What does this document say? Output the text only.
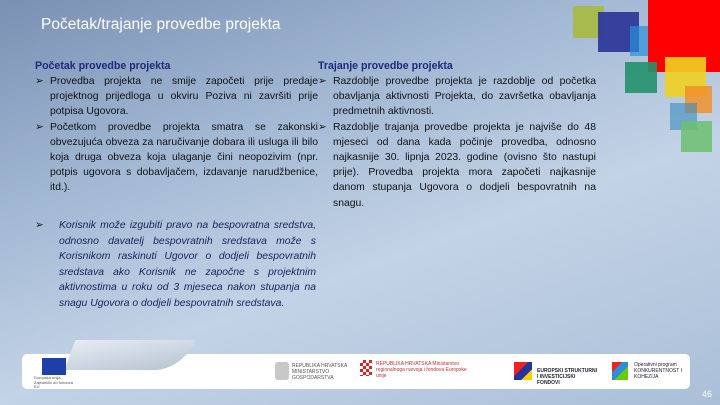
Početak/trajanje provedbe projekta
Početak provedbe projekta
➢ Provedba projekta ne smije započeti prije predaje projektnog prijedloga u okviru Poziva ni završiti prije potpisa Ugovora.
➢ Početkom provedbe projekta smatra se zakonski obvezujuća obveza za naručivanje dobara ili usluga ili bilo koja druga obveza koja ulaganje čini neopozivim (npr. potpis ugovora s dobavljačem, izdavanje narudžbenice, itd.).
➢ Korisnik može izgubiti pravo na bespovratna sredstva, odnosno davatelj bespovratnih sredstava može s Korisnikom raskinuti Ugovor o dodjeli bespovratnih sredstava ako Korisnik ne započne s projektnim aktivnostima u roku od 3 mjeseca nakon stupanja na snagu Ugovora o dodjeli bespovratnih sredstava.
Trajanje provedbe projekta
➢ Razdoblje provedbe projekta je razdoblje od početka obavljanja aktivnosti Projekta, do završetka obavljanja predmetnih aktivnosti.
➢ Razdoblje trajanja provedbe projekta je najviše do 48 mjeseci od dana kada počinje provedba, odnosno najkasnije 30. lipnja 2023. godine (ovisno što nastupi prije). Provedba projekta mora započeti najkasnije danom stupanja Ugovora o dodjeli bespovratnih na snagu.
Europska unija Zajednički do fondova EU
REPUBLIKA HRVATSKA MINISTARSTVO GOSPODARSTVA
REPUBLIKA HRVATSKA Ministarstvo regionalnoga razvoja i fondova Europske unije
EUROPSKI STRUKTURNI I INVESTICIJSKI FONDOVI
Operativni program KONKURENTNOST I KOHEZIJA
46
